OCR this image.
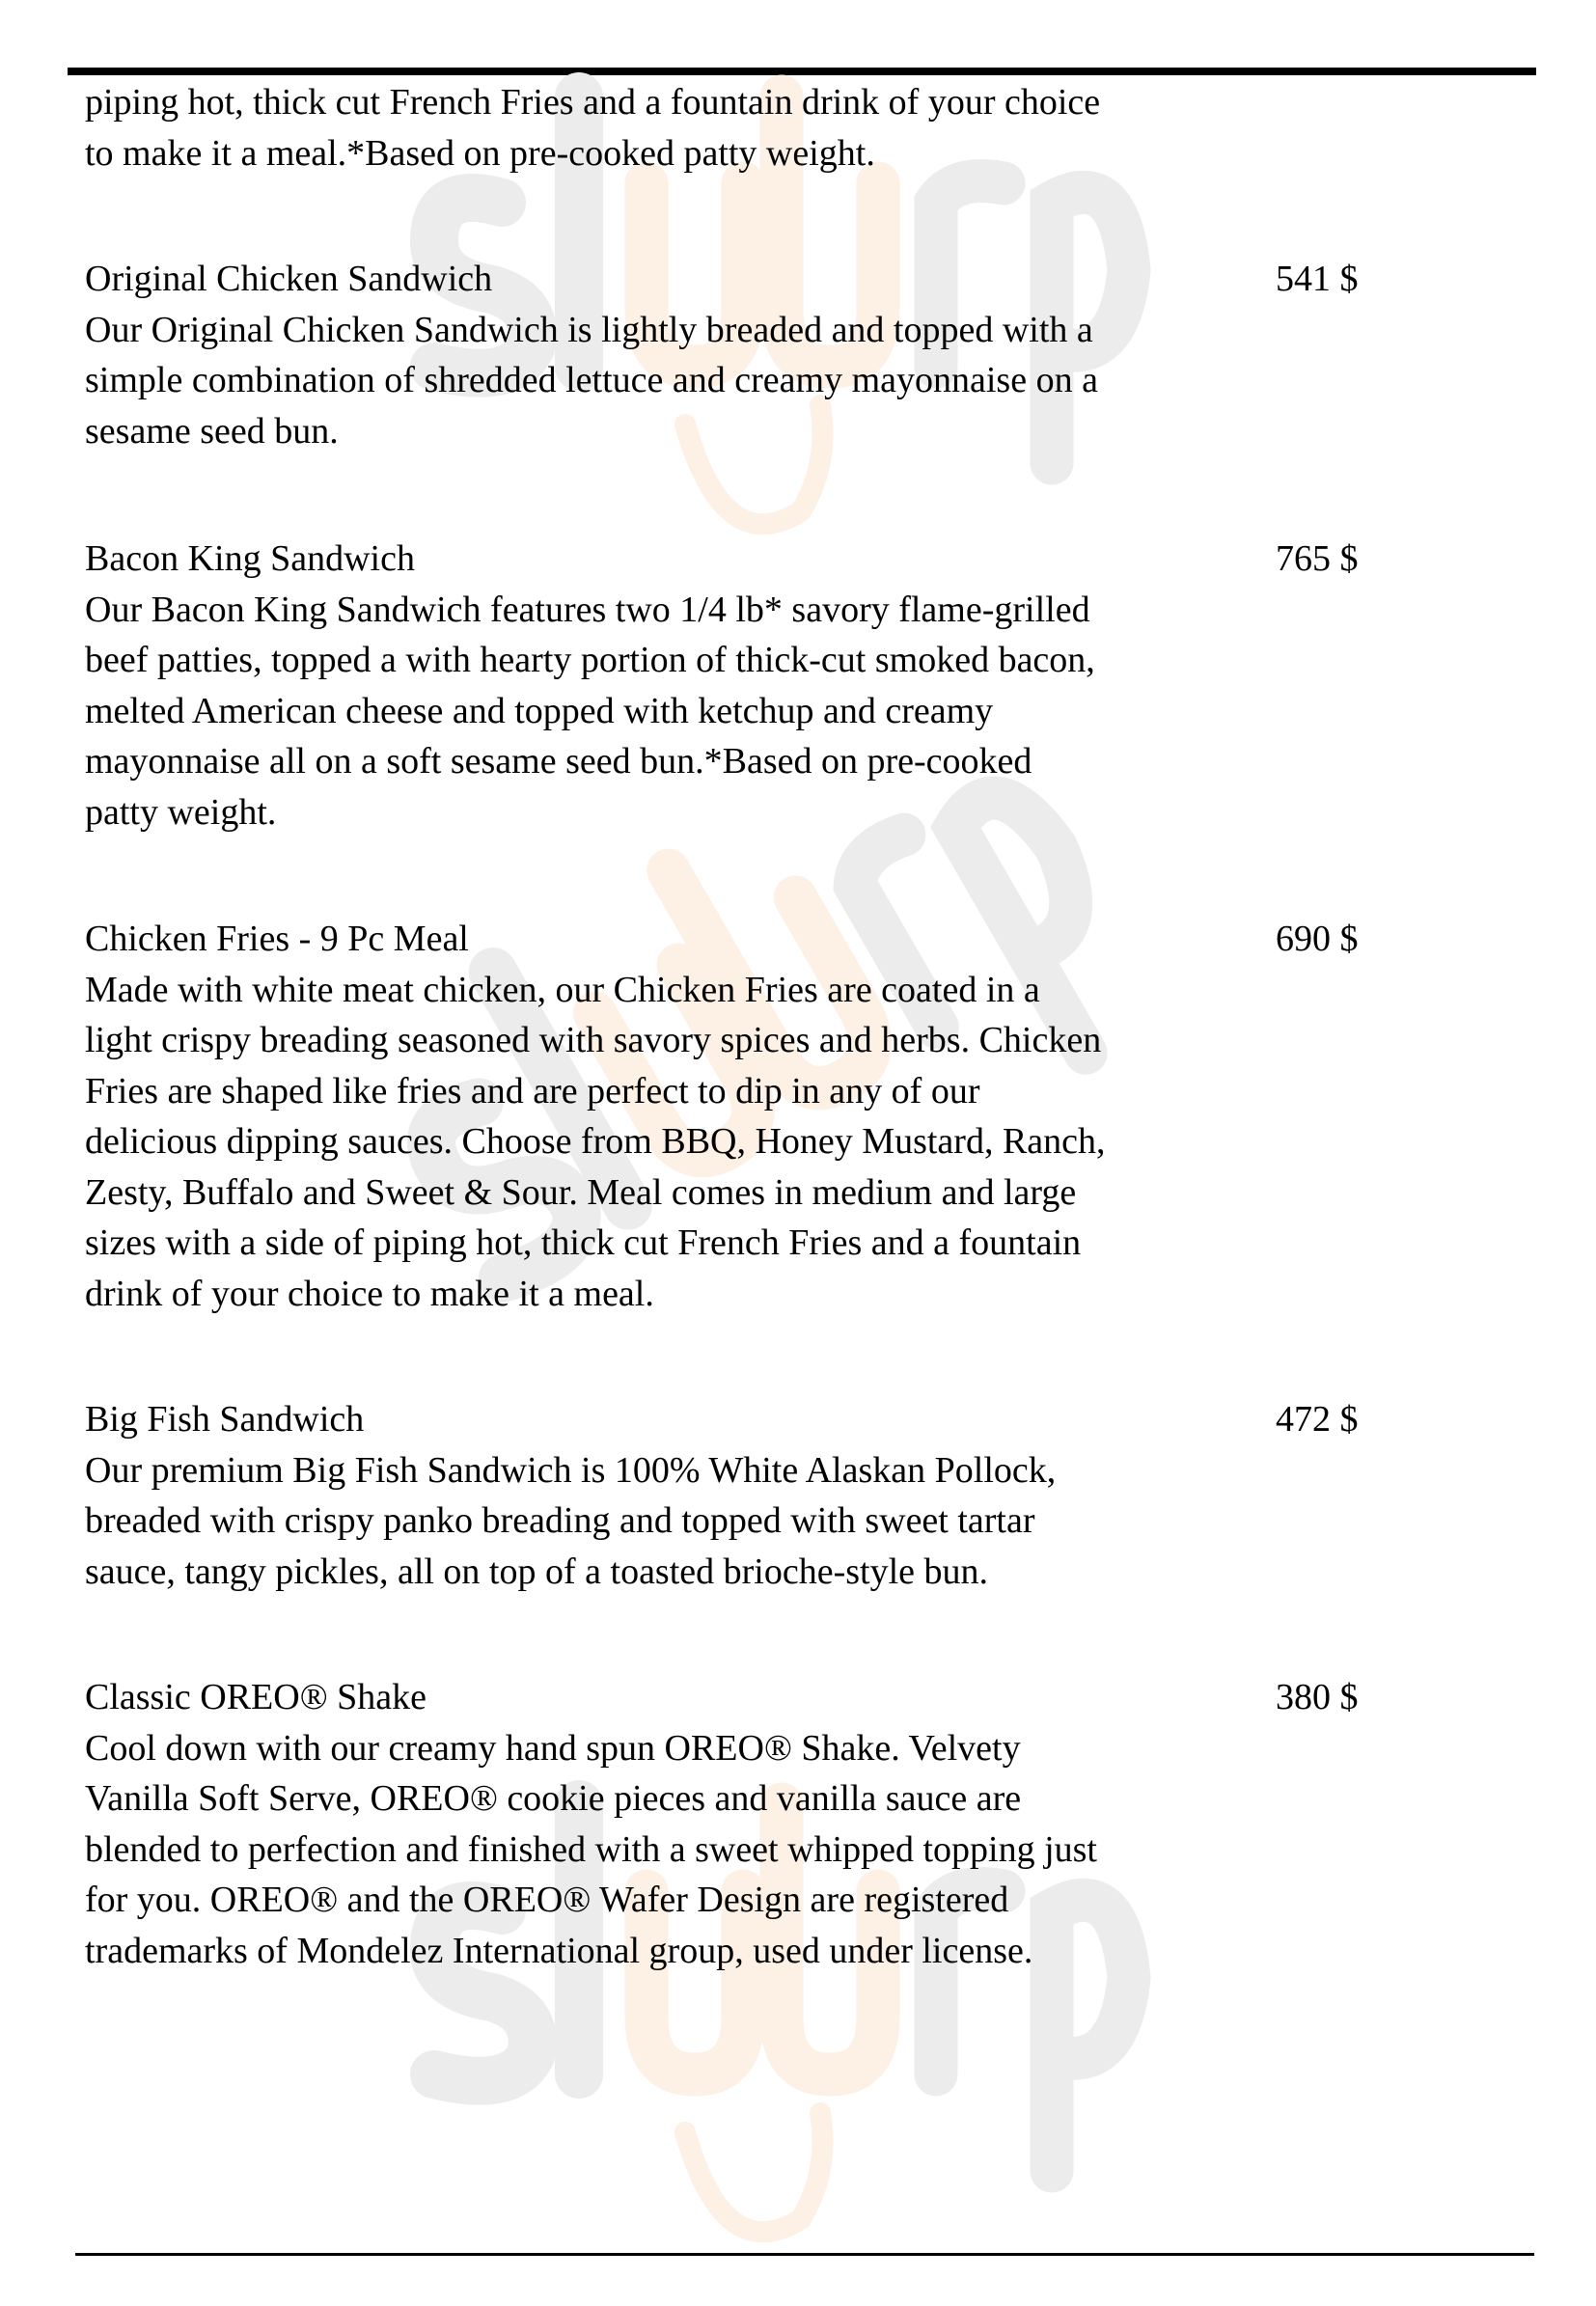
piping hot, thick cut French Fries and a fountain drink of your choice
to make it a meal.*Based on pre-cooked patty weight.
Original Chicken Sandwich
Our Original Chicken Sandwich is lightly breaded and topped with a
simple combination of shredded lettuce and creamy mayonnaise on a
sesame seed bun.
541 $
Bacon King Sandwich
Our Bacon King Sandwich features two 1/4 lb* savory flame-grilled
beef patties, topped a with hearty portion of thick-cut smoked bacon,
melted American cheese and topped with ketchup and creamy
mayonnaise all on a soft sesame seed bun.*Based on pre-cooked
patty weight.
765 $
Chicken Fries - 9 Pc Meal
Made with white meat chicken, our Chicken Fries are coated in a
light crispy breading seasoned with savory spices and herbs. Chicken
Fries are shaped like fries and are perfect to dip in any of our
delicious dipping sauces. Choose from BBQ, Honey Mustard, Ranch,
Zesty, Buffalo and Sweet & Sour. Meal comes in medium and large
sizes with a side of piping hot, thick cut French Fries and a fountain
drink of your choice to make it a meal.
690 $
Big Fish Sandwich
Our premium Big Fish Sandwich is 100% White Alaskan Pollock,
breaded with crispy panko breading and topped with sweet tartar
sauce, tangy pickles, all on top of a toasted brioche-style bun.
472 $
Classic OREO® Shake
Cool down with our creamy hand spun OREO® Shake. Velvety
Vanilla Soft Serve, OREO® cookie pieces and vanilla sauce are
blended to perfection and finished with a sweet whipped topping just
for you. OREO® and the OREO® Wafer Design are registered
trademarks of Mondelez International group, used under license.
380 $
